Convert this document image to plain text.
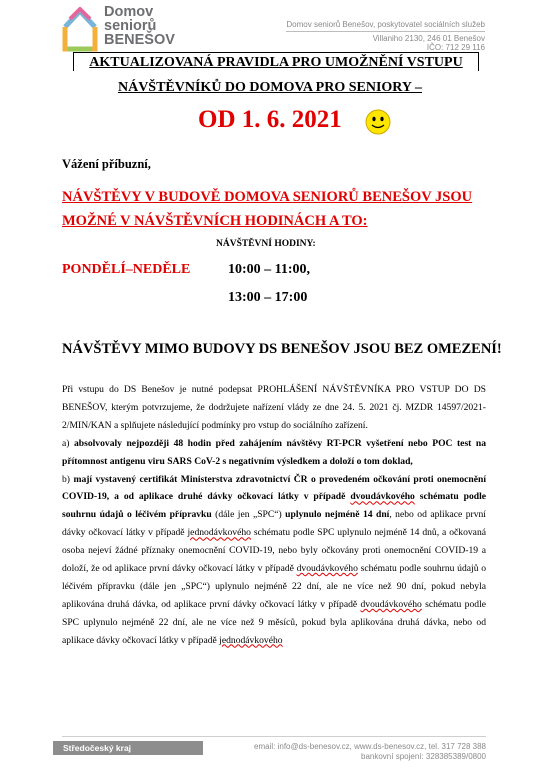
Domov
seniorů
BENEŠOV
Domov seniorů Benešov, poskytovatel sociálních služeb
Villaniho 2130, 246 01 Benešov
IČO: 712 29 116
AKTUALIZOVANÁ PRAVIDLA PRO UMOŽNĚNÍ VSTUPU
NÁVŠTĚVNÍKŮ DO DOMOVA PRO SENIORY –
OD 1. 6. 2021
Vážení příbuzní,
NÁVŠTĚVY V BUDOVĚ DOMOVA SENIORŮ BENEŠOV JSOU
MOŽNÉ V NÁVŠTĚVNÍCH HODINÁCH A TO:
NÁVŠTĚVNÍ HODINY:
PONDĚLÍ–NEDĚLE	10:00 – 11:00,
13:00 – 17:00
NÁVŠTĚVY MIMO BUDOVY DS BENEŠOV JSOU BEZ OMEZENÍ!

Při vstupu do DS Benešov je nutné podepsat PROHLÁŠENÍ NÁVŠTĚVNÍKA PRO VSTUP DO DS BENEŠOV, kterým potvrzujeme, že dodržujete nařízení vlády ze dne 24. 5. 2021 čj. MZDR 14597/2021-2/MIN/KAN a splňujete následující podmínky pro vstup do sociálního zařízení.

a) absolvovaly nejpozději 48 hodin před zahájením návštěvy RT-PCR vyšetření nebo POC test na přítomnost antigenu viru SARS CoV-2 s negativním výsledkem a doloží o tom doklad,

b) mají vystavený certifikát Ministerstva zdravotnictví ČR o provedeném očkování proti onemocnění COVID-19, a od aplikace druhé dávky očkovací látky v případě dvoudávkového schématu podle souhrnu údajů o léčivém přípravku (dále jen „SPC“) uplynulo nejméně 14 dní, nebo od aplikace první dávky očkovací látky v případě jednodávkového schématu podle SPC uplynulo nejméně 14 dnů, a očkovaná osoba nejeví žádné příznaky onemocnění COVID-19, nebo byly očkovány proti onemocnění COVID-19 a doloží, že od aplikace první dávky očkovací látky v případě dvoudávkového schématu podle souhrnu údajů o léčivém přípravku (dále jen „SPC“) uplynulo nejméně 22 dní, ale ne více než 90 dní, pokud nebyla aplikována druhá dávka, od aplikace první dávky očkovací látky v případě dvoudávkového schématu podle SPC uplynulo nejméně 22 dní, ale ne více než 9 měsíců, pokud byla aplikována druhá dávka, nebo od aplikace dávky očkovací látky v případě jednodávkového

Středočeský kraj	email: info@ds-benesov.cz, www.ds-benesov.cz, tel. 317 728 388
bankovní spojení: 328385389/0800
